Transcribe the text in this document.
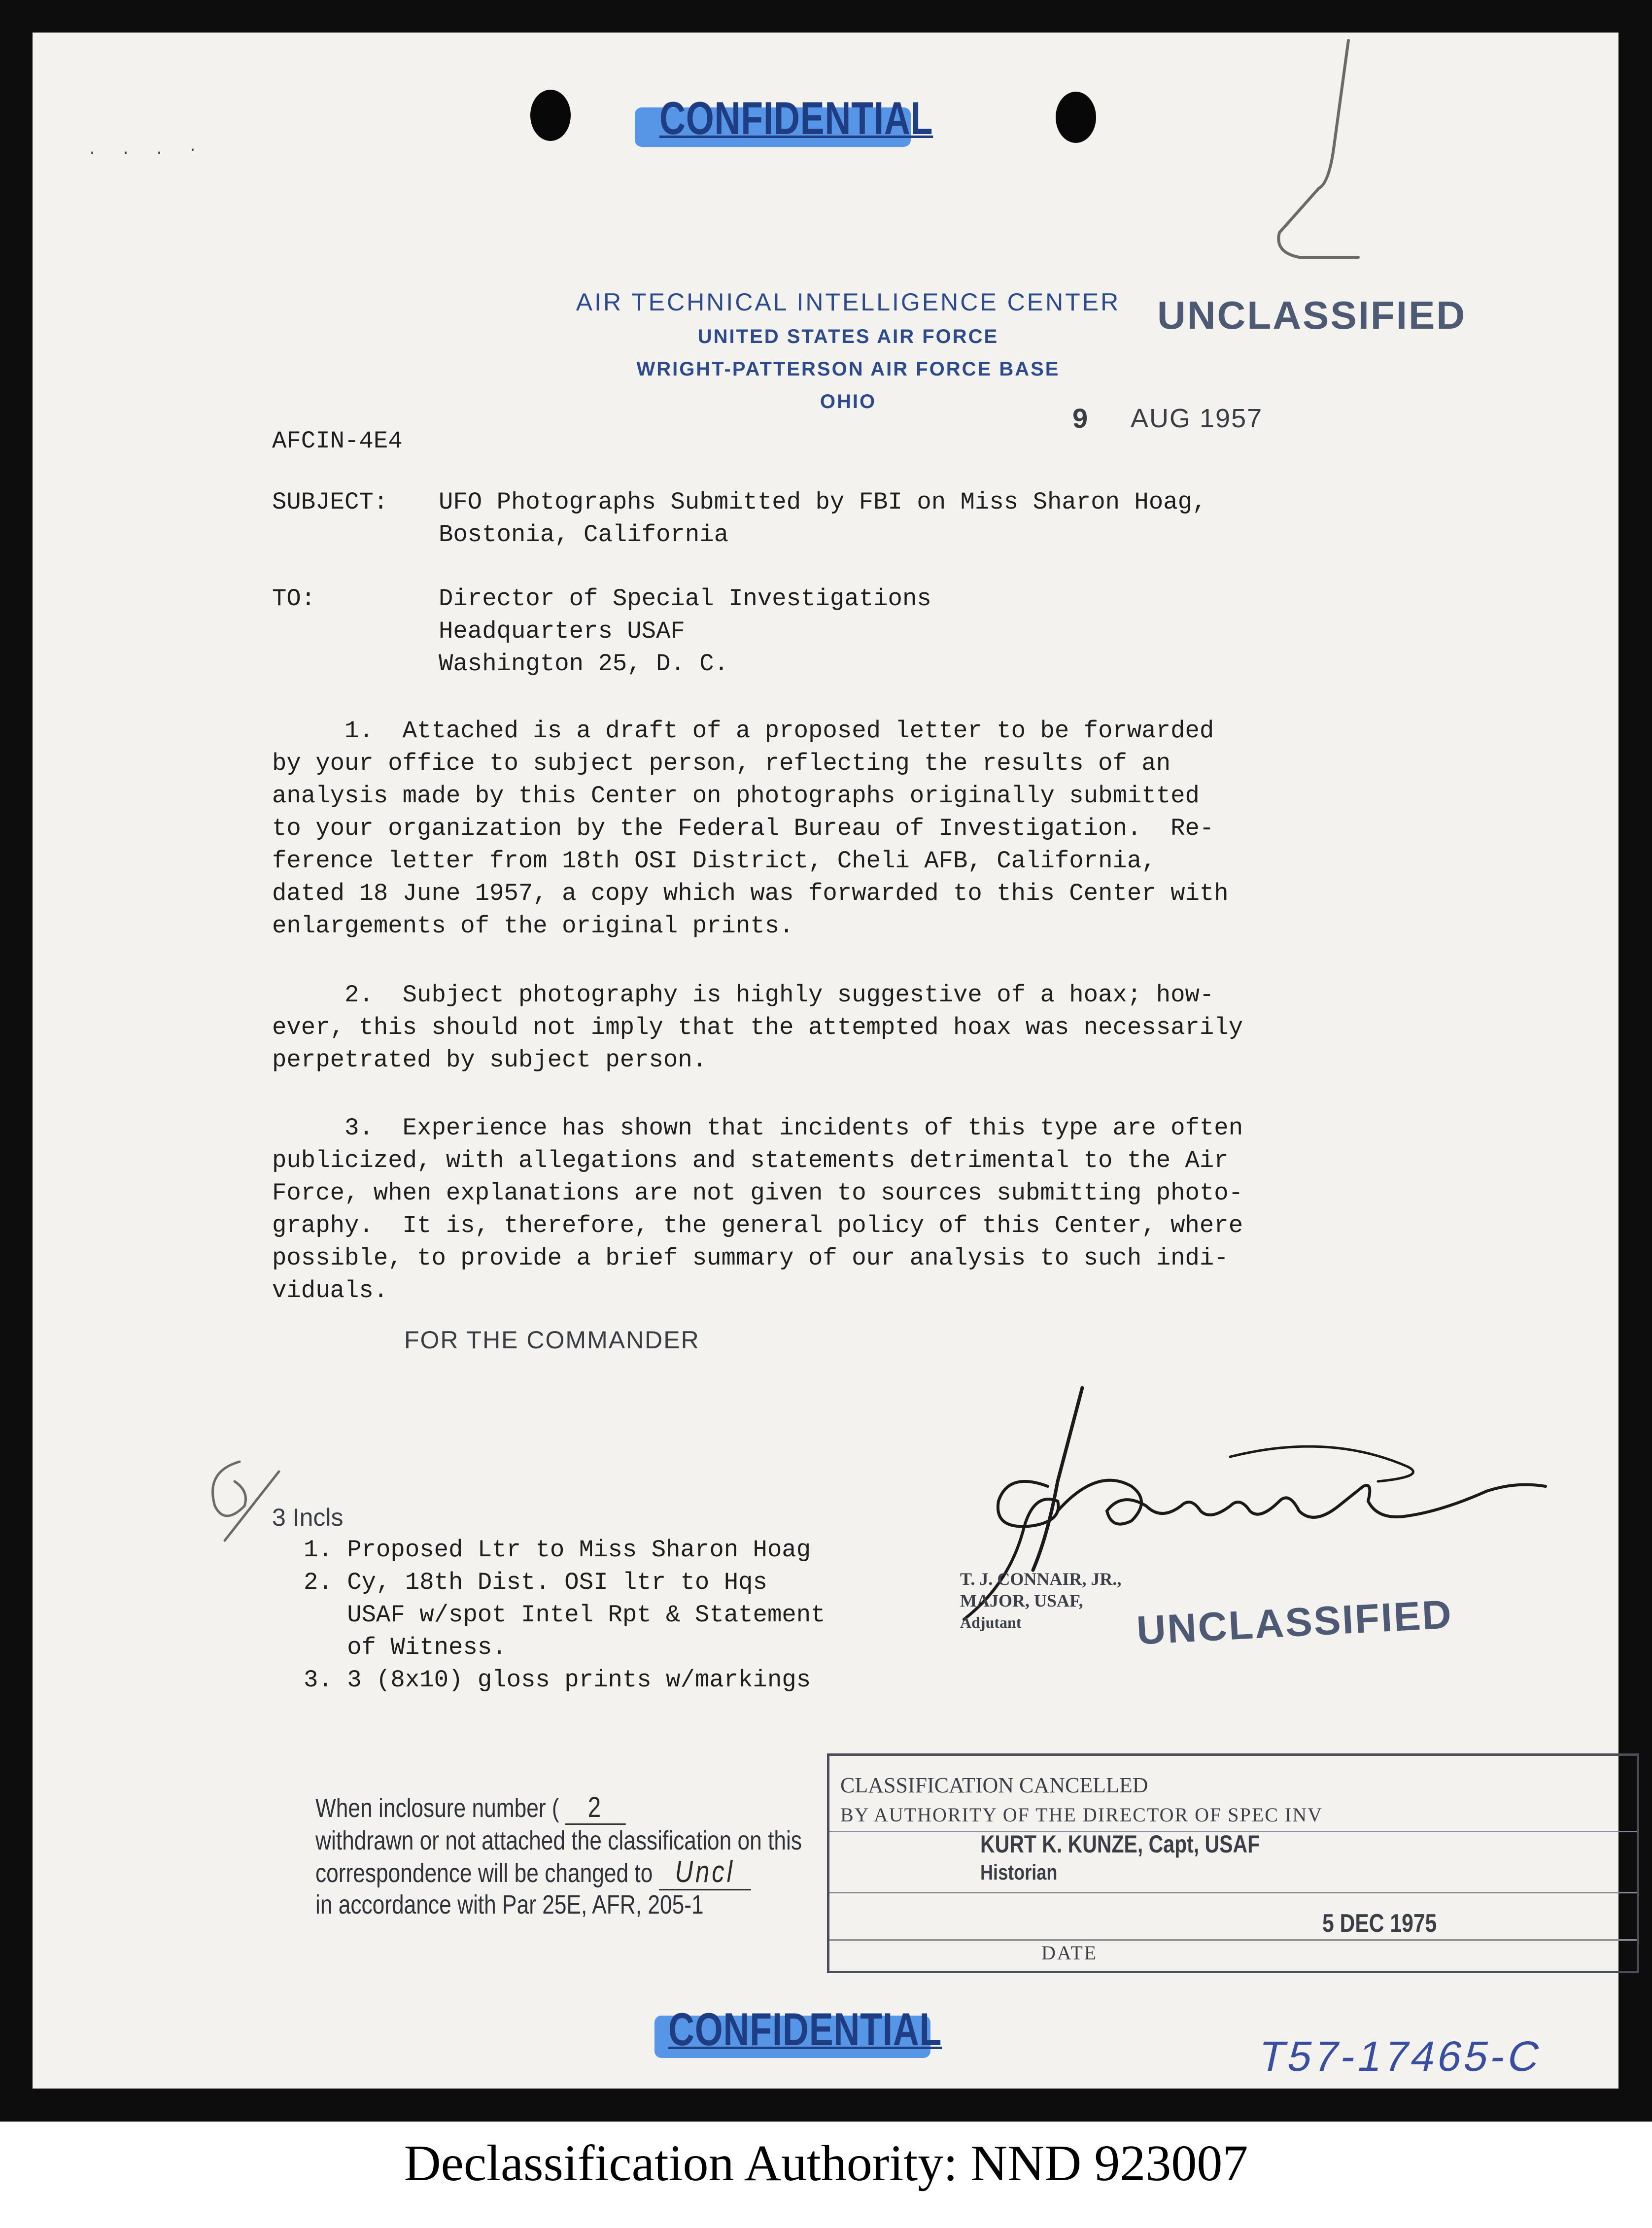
. . . ·
CONFIDENTIAL
AIR TECHNICAL INTELLIGENCE CENTER
UNITED STATES AIR FORCE
WRIGHT-PATTERSON AIR FORCE BASE
OHIO
UNCLASSIFIED
AFCIN-4E4
9 AUG 1957
SUBJECT: UFO Photographs Submitted by FBI on Miss Sharon Hoag,
Bostonia, California
TO:	Director of Special Investigations
Headquarters USAF
Washington 25, D. C.
1.  Attached is a draft of a proposed letter to be forwarded
by your office to subject person, reflecting the results of an
analysis made by this Center on photographs originally submitted
to your organization by the Federal Bureau of Investigation.  Re-
ference letter from 18th OSI District, Cheli AFB, California,
dated 18 June 1957, a copy which was forwarded to this Center with
enlargements of the original prints.
2.  Subject photography is highly suggestive of a hoax; how-
ever, this should not imply that the attempted hoax was necessarily
perpetrated by subject person.
3.  Experience has shown that incidents of this type are often
publicized, with allegations and statements detrimental to the Air
Force, when explanations are not given to sources submitting photo-
graphy.  It is, therefore, the general policy of this Center, where
possible, to provide a brief summary of our analysis to such indi-
viduals.
FOR THE COMMANDER
3 Incls
1. Proposed Ltr to Miss Sharon Hoag
2. Cy, 18th Dist. OSI ltr to Hqs
USAF w/spot Intel Rpt & Statement
of Witness.
3. 3 (8x10) gloss prints w/markings
T. J. CONNAIR, JR.,
MAJOR, USAF,
Adjutant	UNCLASSIFIED
When inclosure number ( 2
withdrawn or not attached the classification on this
correspondence will be changed to Uncl
in accordance with Par 25E, AFR, 205-1
CLASSIFICATION CANCELLED
BY AUTHORITY OF THE DIRECTOR OF SPEC INV
KURT K. KUNZE, Capt, USAF
Historian
5 DEC 1975
DATE
CONFIDENTIAL
T57-17465-C
Declassification Authority: NND 923007
